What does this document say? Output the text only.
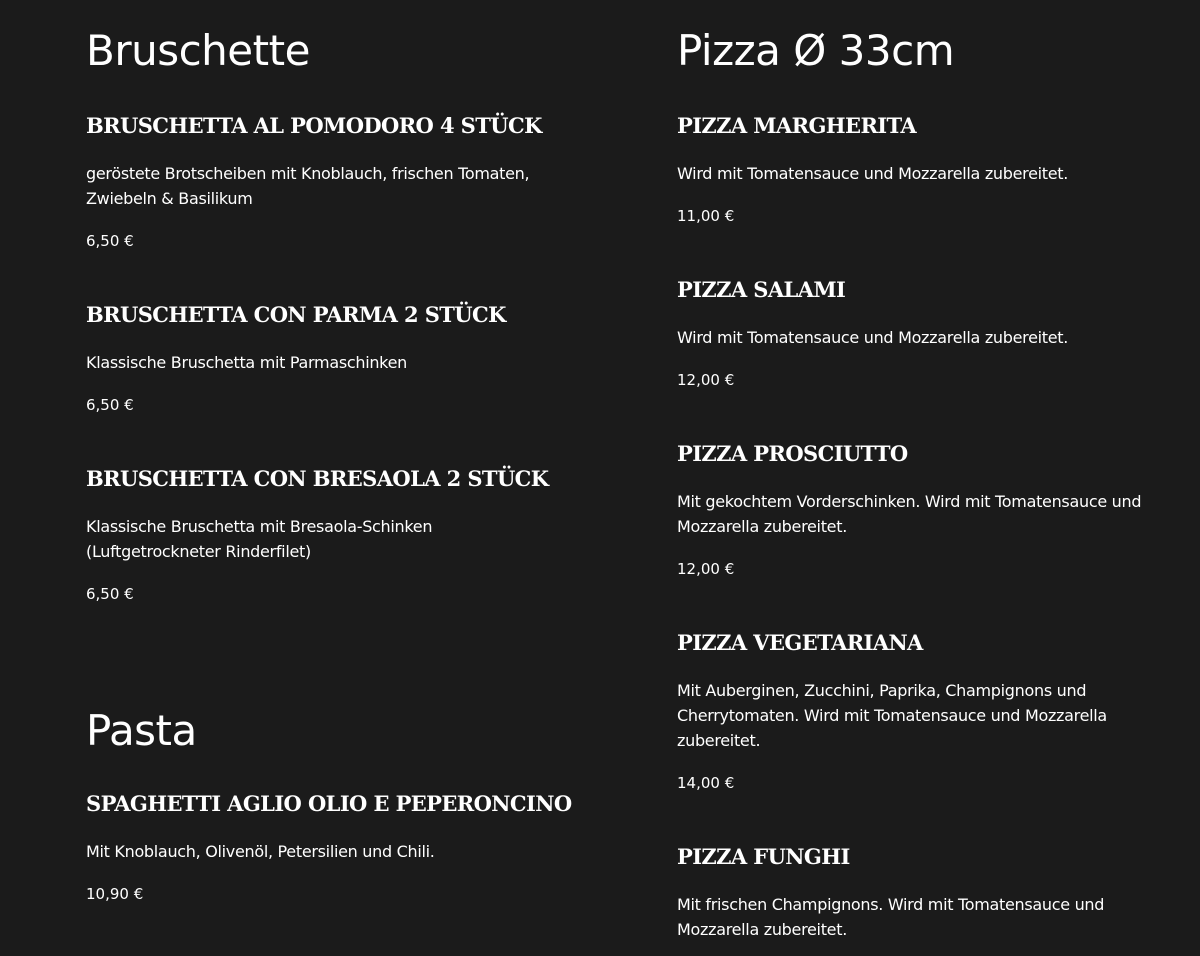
Bruschette
BRUSCHETTA AL POMODORO 4 STÜCK

geröstete Brotscheiben mit Knoblauch, frischen Tomaten, Zwiebeln & Basilikum

6,50 €

BRUSCHETTA CON PARMA 2 STÜCK

Klassische Bruschetta mit Parmaschinken

6,50 €

BRUSCHETTA CON BRESAOLA 2 STÜCK

Klassische Bruschetta mit Bresaola-Schinken (Luftgetrockneter Rinderfilet)

6,50 €

Pasta
SPAGHETTI AGLIO OLIO E PEPERONCINO

Mit Knoblauch, Olivenöl, Petersilien und Chili.

10,90 €

Pizza Ø 33cm
PIZZA MARGHERITA

Wird mit Tomatensauce und Mozzarella zubereitet.

11,00 €

PIZZA SALAMI

Wird mit Tomatensauce und Mozzarella zubereitet.

12,00 €

PIZZA PROSCIUTTO

Mit gekochtem Vorderschinken. Wird mit Tomatensauce und Mozzarella zubereitet.

12,00 €

PIZZA VEGETARIANA

Mit Auberginen, Zucchini, Paprika, Champignons und Cherrytomaten. Wird mit Tomatensauce und Mozzarella zubereitet.

14,00 €

PIZZA FUNGHI

Mit frischen Champignons. Wird mit Tomatensauce und Mozzarella zubereitet.
